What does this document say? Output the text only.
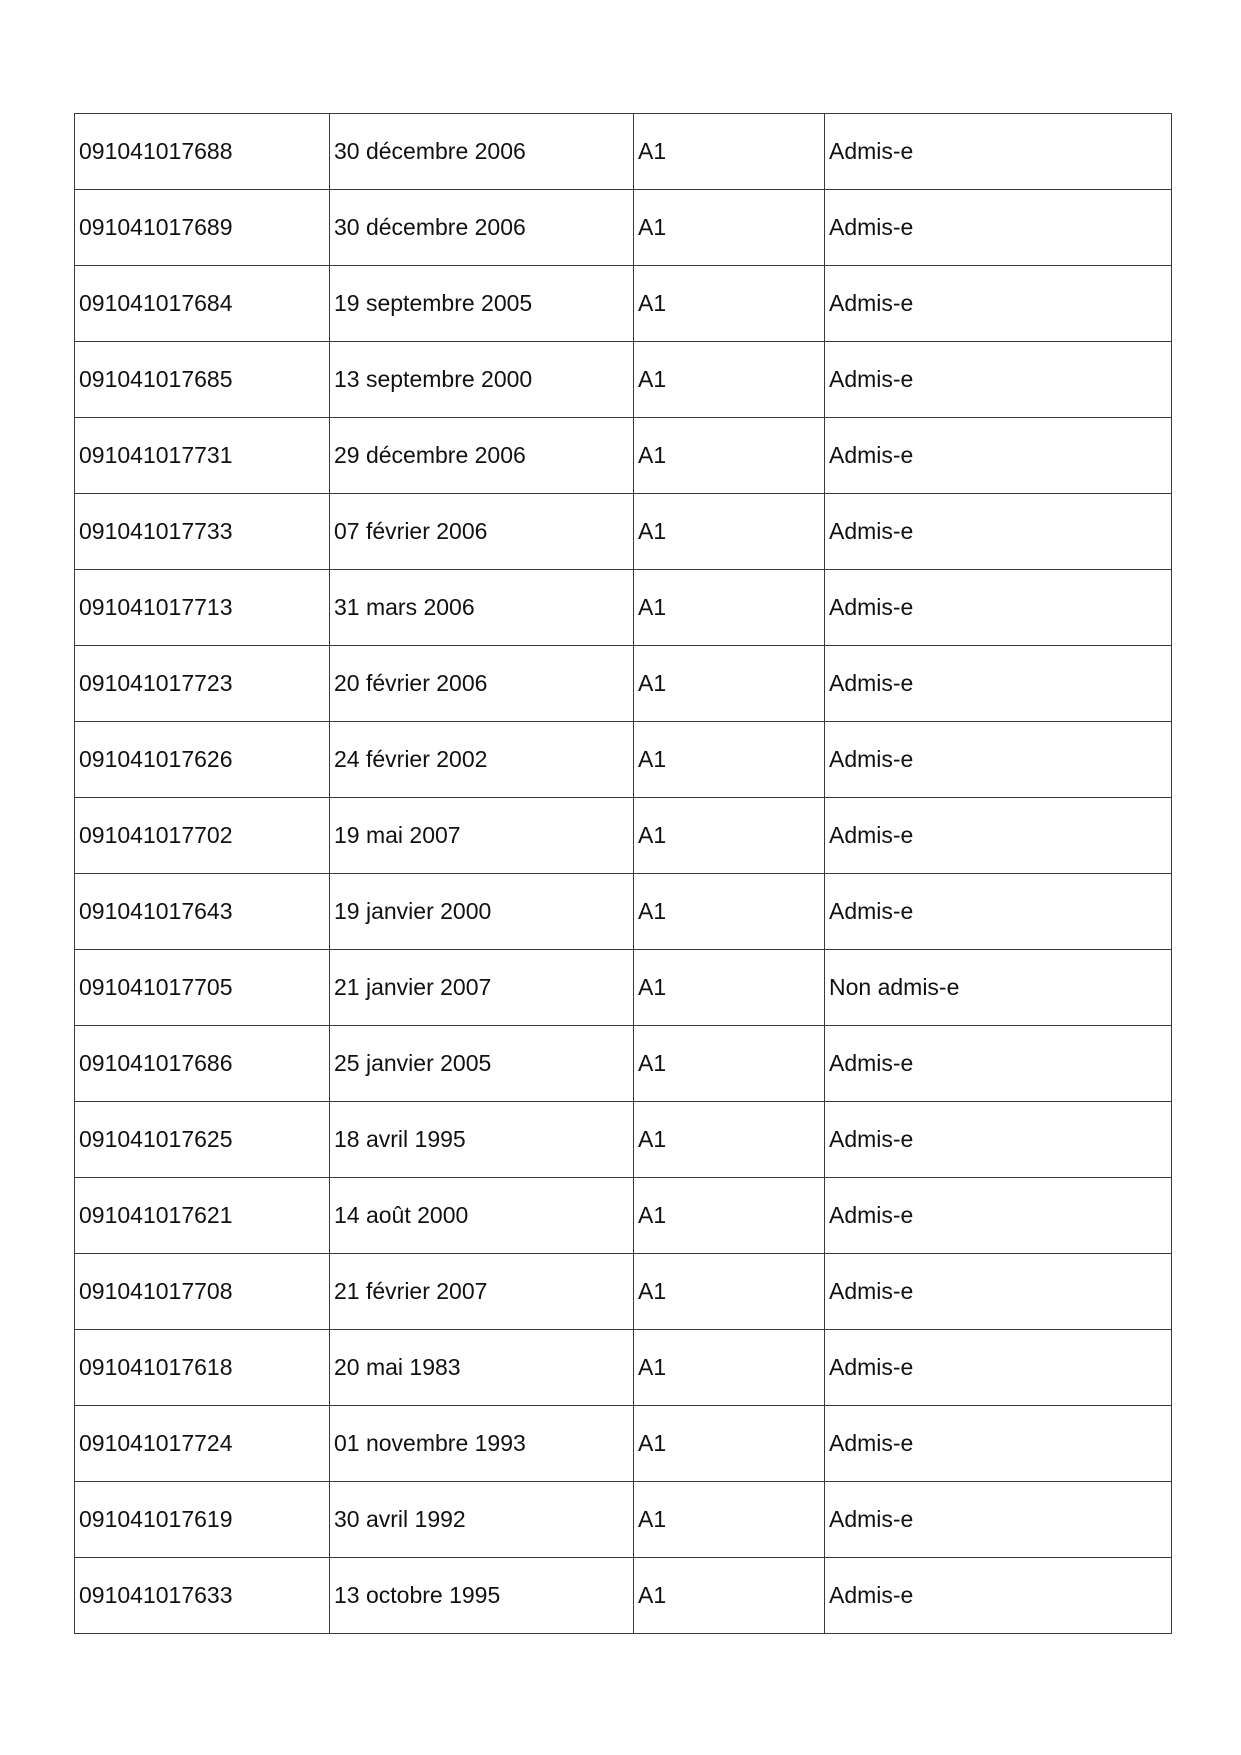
091041017688	30 décembre 2006	A1	Admis-e
091041017689	30 décembre 2006	A1	Admis-e
091041017684	19 septembre 2005	A1	Admis-e
091041017685	13 septembre 2000	A1	Admis-e
091041017731	29 décembre 2006	A1	Admis-e
091041017733	07 février 2006	A1	Admis-e
091041017713	31 mars 2006	A1	Admis-e
091041017723	20 février 2006	A1	Admis-e
091041017626	24 février 2002	A1	Admis-e
091041017702	19 mai 2007	A1	Admis-e
091041017643	19 janvier 2000	A1	Admis-e
091041017705	21 janvier 2007	A1	Non admis-e
091041017686	25 janvier 2005	A1	Admis-e
091041017625	18 avril 1995	A1	Admis-e
091041017621	14 août 2000	A1	Admis-e
091041017708	21 février 2007	A1	Admis-e
091041017618	20 mai 1983	A1	Admis-e
091041017724	01 novembre 1993	A1	Admis-e
091041017619	30 avril 1992	A1	Admis-e
091041017633	13 octobre 1995	A1	Admis-e
